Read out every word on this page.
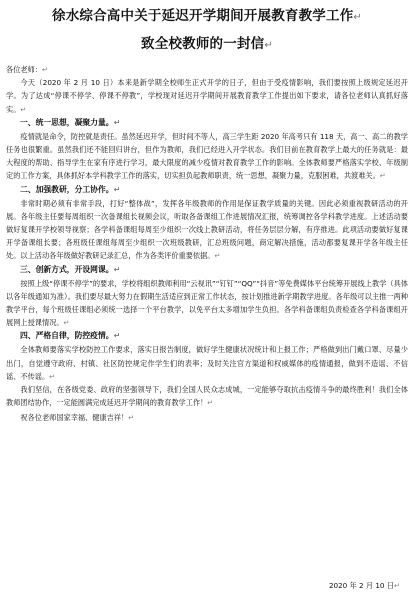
徐水综合高中关于延迟开学期间开展教育教学工作↵
致全校教师的一封信↵

各位老师：↵

今天（2020 年 2 月 10 日）本来是新学期全校师生正式开学的日子，但由于受疫情影响，我们要按照上级规定延迟开学。为了达成“停课不停学、停课不停教”，学校现对延迟开学期间开展教育教学工作提出如下要求，请各位老师认真抓好落实。↵

一、统一思想，凝聚力量。↵

疫情就是命令，防控就是责任。虽然延迟开学，但时间不等人，高三学生距 2020 年高考只有 118 天，高一、高二的教学任务也很繁重。虽然我们还不能回归讲台，但作为教师，我们已经进入开学状态。我们目前在教育教学上最大的任务就是：最大程度的帮助、指导学生在家有序进行学习，最大限度的减少疫情对教育教学工作的影响。全体教师要严格落实学校、年级制定的工作方案，具体抓好本学科教学工作的落实，切实担负起教师职责，统一思想，凝聚力量，克服困难，共渡难关。↵

二、加强教研，分工协作。↵

非常时期必须有非常手段，打好“整体战”，发挥各年级教师的作用是保证教学质量的关键。因此必须重视教研活动的开展。各年级主任要每周组织一次备课组长视频会议，听取各备课组工作进展情况汇报，统筹调控各学科教学进度。上述活动要做好复课开学校领导视察；各学科备课组每周至少组织一次线上教研活动，将任务层层分解，有序推进。此项活动要做好复课开学备课组长要；各班级任课组每周至少组织一次班级教研，汇总班级问题，商定解决措施，活动都要复课开学各年级主任处。以上活动各年级做好教研记录汇总，作为各类评价重要依据。↵

三、创新方式，开设网课。↵

按照上级“停课不停学”的要求，学校将组织教师利用“云视讯”“钉钉”“QQ”“抖音”等免费媒体平台统筹开展线上教学（具体以各年级通知为准）。我们要尽最大努力在假期生活适应到正常工作状态，按计划推进新学期教学进度。各年级可以主推一两种教学平台，每个班级任课组必须统一选择一个平台教学，以免平台太多增加学生负担。各学科备课组负责检查各学科备课组开展网上授课情况。↵

四、严格自律，防控疫情。↵

全体教师要落实学校防控工作要求，落实日报告制度，做好学生健康状况统计和上报工作；严格做到出门戴口罩、尽量少出门，自觉遵守政府、村镇、社区防控规定作学生们的表率；及时关注官方渠道和权威媒体的疫情通报，做到不造谣、不信谣、不传谣。↵

我们坚信，在各级党委、政府的坚强领导下，我们全国人民众志成城，一定能够夺取抗击疫情斗争的最终胜利！我们全体教师团结协作，一定能圆满完成延迟开学期间的教育教学工作！↵

祝各位老师国家幸福、健康吉祥！↵

2020 年 2 月 10 日↵
